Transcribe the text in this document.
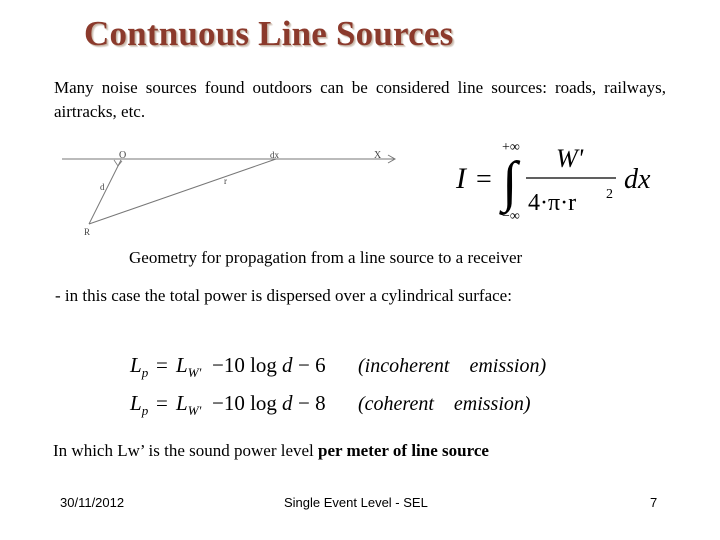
Contnuous Line Sources
Many noise sources found outdoors can be considered line sources: roads, railways, airtracks, etc.
O	dx	X
d
r
R
I = ∫
+∞
−∞
W'
4·π·r 2 dx
Geometry for propagation from a line source to a receiver
- in this case the total power is dispersed over a cylindrical surface:
$L_p = L_{W'} -10$ log d − 6 (incoherent    emission)
$L_p = L_{W'} -10$ log d − 8 (coherent    emission)
In which Lw’ is the sound power level per meter of line source
30/11/2012	Single Event Level - SEL	7
